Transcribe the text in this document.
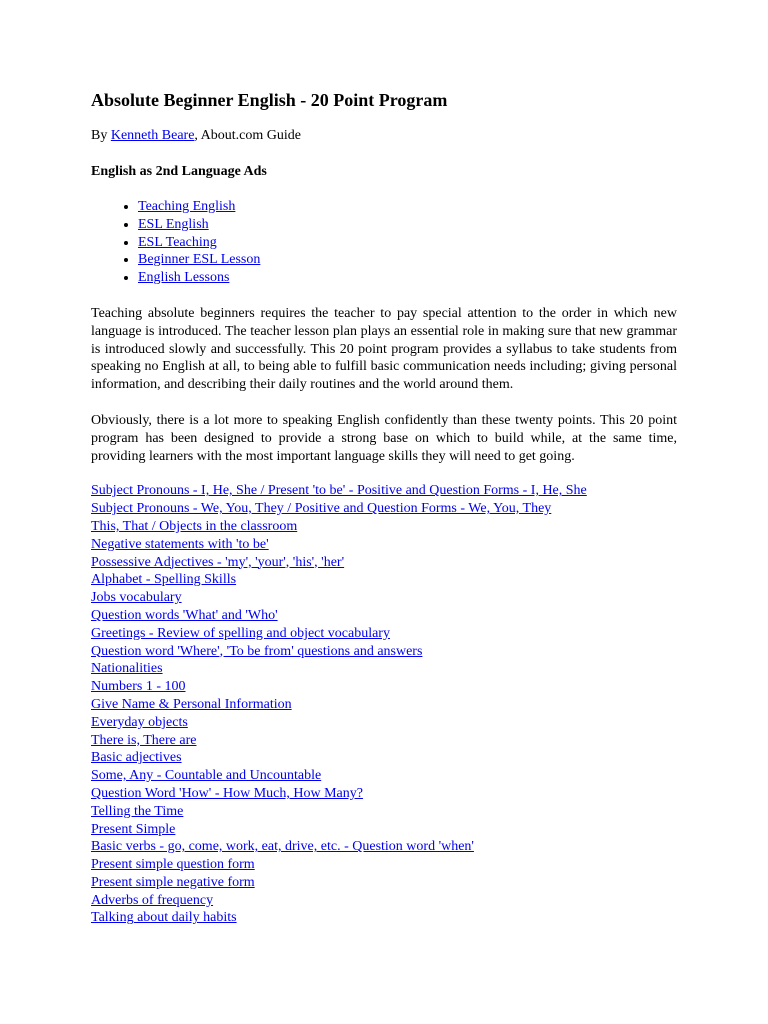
Absolute Beginner English - 20 Point Program
By Kenneth Beare, About.com Guide
English as 2nd Language Ads
• Teaching English
• ESL English
• ESL Teaching
• Beginner ESL Lesson
• English Lessons

Teaching absolute beginners requires the teacher to pay special attention to the order in which new language is introduced. The teacher lesson plan plays an essential role in making sure that new grammar is introduced slowly and successfully. This 20 point program provides a syllabus to take students from speaking no English at all, to being able to fulfill basic communication needs including; giving personal information, and describing their daily routines and the world around them.

Obviously, there is a lot more to speaking English confidently than these twenty points. This 20 point program has been designed to provide a strong base on which to build while, at the same time, providing learners with the most important language skills they will need to get going.

Subject Pronouns - I, He, She / Present 'to be' - Positive and Question Forms - I, He, She
Subject Pronouns - We, You, They / Positive and Question Forms - We, You, They
This, That / Objects in the classroom
Negative statements with 'to be'
Possessive Adjectives - 'my', 'your', 'his', 'her'
Alphabet - Spelling Skills
Jobs vocabulary
Question words 'What' and 'Who'
Greetings - Review of spelling and object vocabulary
Question word 'Where', 'To be from' questions and answers
Nationalities
Numbers 1 - 100
Give Name & Personal Information
Everyday objects
There is, There are
Basic adjectives
Some, Any - Countable and Uncountable
Question Word 'How' - How Much, How Many?
Telling the Time
Present Simple
Basic verbs - go, come, work, eat, drive, etc. - Question word 'when'
Present simple question form
Present simple negative form
Adverbs of frequency
Talking about daily habits
